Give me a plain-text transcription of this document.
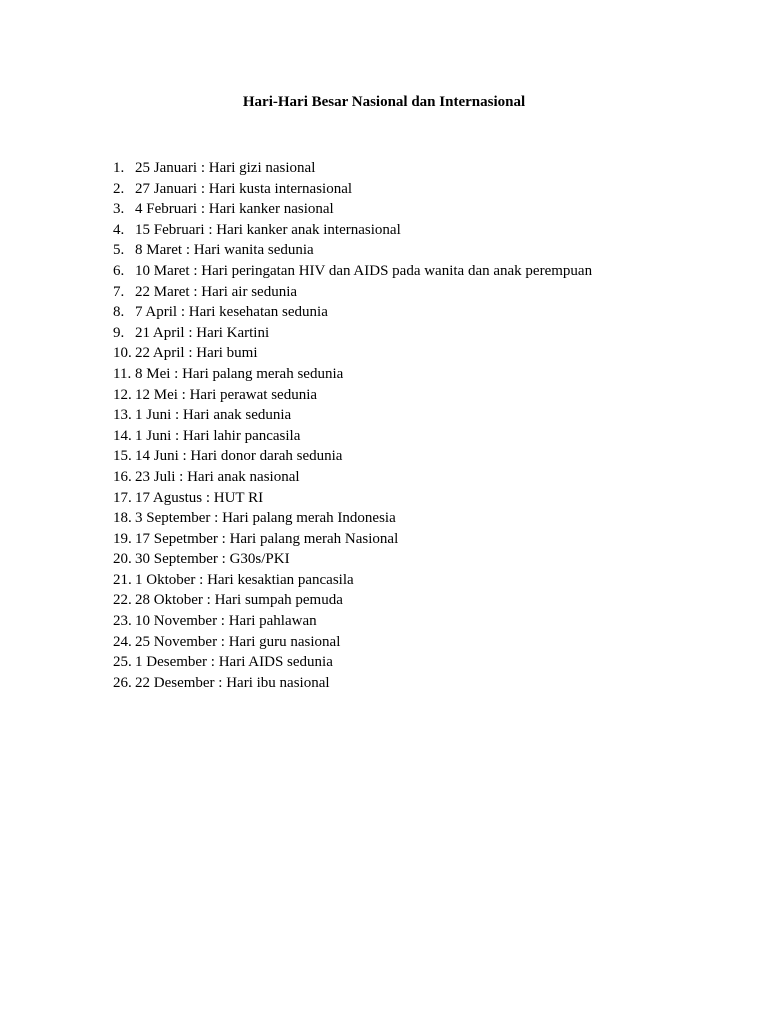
Hari-Hari Besar Nasional dan Internasional
1. 25 Januari : Hari gizi nasional
2. 27 Januari : Hari kusta internasional
3. 4 Februari : Hari kanker nasional
4. 15 Februari : Hari kanker anak internasional
5. 8 Maret : Hari wanita sedunia
6. 10 Maret : Hari peringatan HIV dan AIDS pada wanita dan anak perempuan
7. 22 Maret : Hari air sedunia
8. 7 April : Hari kesehatan sedunia
9. 21 April : Hari Kartini
10. 22 April : Hari bumi
11. 8 Mei : Hari palang merah sedunia
12. 12 Mei : Hari perawat sedunia
13. 1 Juni : Hari anak sedunia
14. 1 Juni : Hari lahir pancasila
15. 14 Juni : Hari donor darah sedunia
16. 23 Juli : Hari anak nasional
17. 17 Agustus : HUT RI
18. 3 September : Hari palang merah Indonesia
19. 17 Sepetmber : Hari palang merah Nasional
20. 30 September : G30s/PKI
21. 1 Oktober : Hari kesaktian pancasila
22. 28 Oktober : Hari sumpah pemuda
23. 10 November : Hari pahlawan
24. 25 November : Hari guru nasional
25. 1 Desember : Hari AIDS sedunia
26. 22 Desember : Hari ibu nasional
